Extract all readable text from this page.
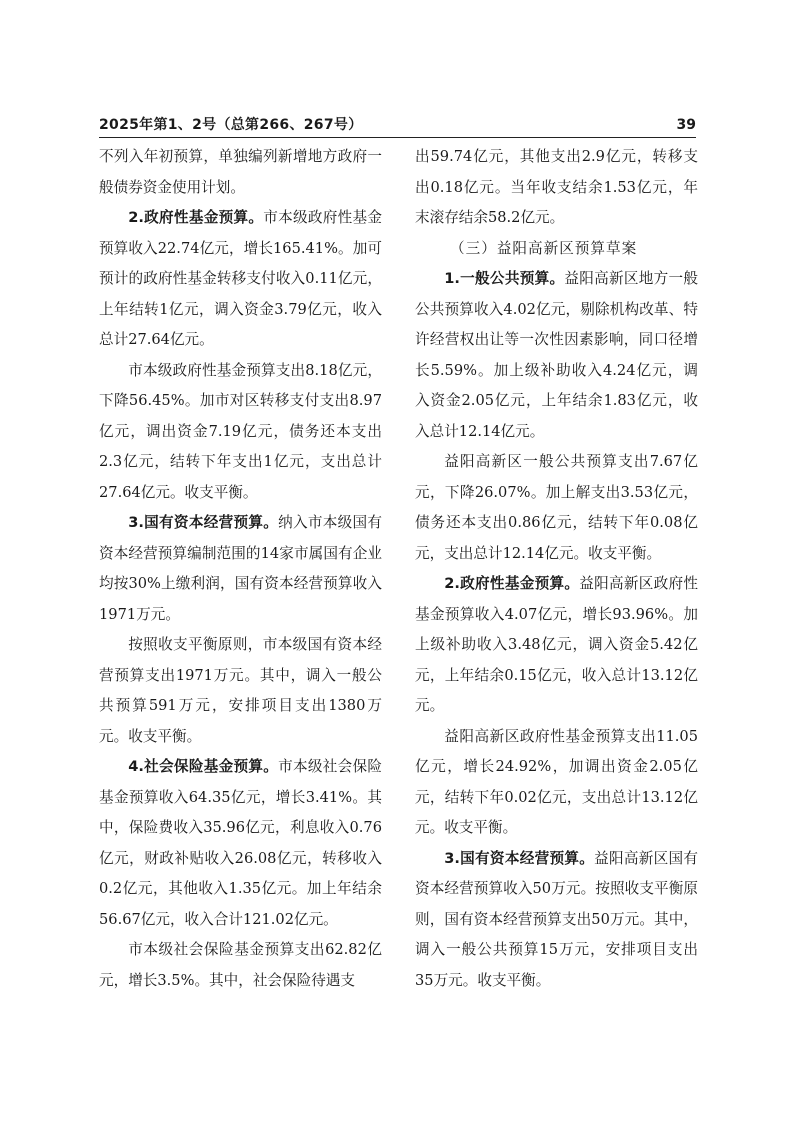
2025年第1、2号（总第266、267号）	39

不列入年初预算，单独编列新增地方政府一般债券资金使用计划。

2.政府性基金预算。市本级政府性基金预算收入22.74亿元，增长165.41%。加可预计的政府性基金转移支付收入0.11亿元，上年结转1亿元，调入资金3.79亿元，收入总计27.64亿元。

市本级政府性基金预算支出8.18亿元，下降56.45%。加市对区转移支付支出8.97亿元，调出资金7.19亿元，债务还本支出2.3亿元，结转下年支出1亿元，支出总计27.64亿元。收支平衡。

3.国有资本经营预算。纳入市本级国有资本经营预算编制范围的14家市属国有企业均按30%上缴利润，国有资本经营预算收入1971万元。

按照收支平衡原则，市本级国有资本经营预算支出1971万元。其中，调入一般公共预算591万元，安排项目支出1380万元。收支平衡。

4.社会保险基金预算。市本级社会保险基金预算收入64.35亿元，增长3.41%。其中，保险费收入35.96亿元，利息收入0.76亿元，财政补贴收入26.08亿元，转移收入0.2亿元，其他收入1.35亿元。加上年结余56.67亿元，收入合计121.02亿元。

市本级社会保险基金预算支出62.82亿元，增长3.5%。其中，社会保险待遇支

出59.74亿元，其他支出2.9亿元，转移支出0.18亿元。当年收支结余1.53亿元，年末滚存结余58.2亿元。

（三）益阳高新区预算草案

1.一般公共预算。益阳高新区地方一般公共预算收入4.02亿元，剔除机构改革、特许经营权出让等一次性因素影响，同口径增长5.59%。加上级补助收入4.24亿元，调入资金2.05亿元，上年结余1.83亿元，收入总计12.14亿元。

益阳高新区一般公共预算支出7.67亿元，下降26.07%。加上解支出3.53亿元，债务还本支出0.86亿元，结转下年0.08亿元，支出总计12.14亿元。收支平衡。

2.政府性基金预算。益阳高新区政府性基金预算收入4.07亿元，增长93.96%。加上级补助收入3.48亿元，调入资金5.42亿元，上年结余0.15亿元，收入总计13.12亿元。

益阳高新区政府性基金预算支出11.05亿元，增长24.92%，加调出资金2.05亿元，结转下年0.02亿元，支出总计13.12亿元。收支平衡。

3.国有资本经营预算。益阳高新区国有资本经营预算收入50万元。按照收支平衡原则，国有资本经营预算支出50万元。其中，调入一般公共预算15万元，安排项目支出35万元。收支平衡。
